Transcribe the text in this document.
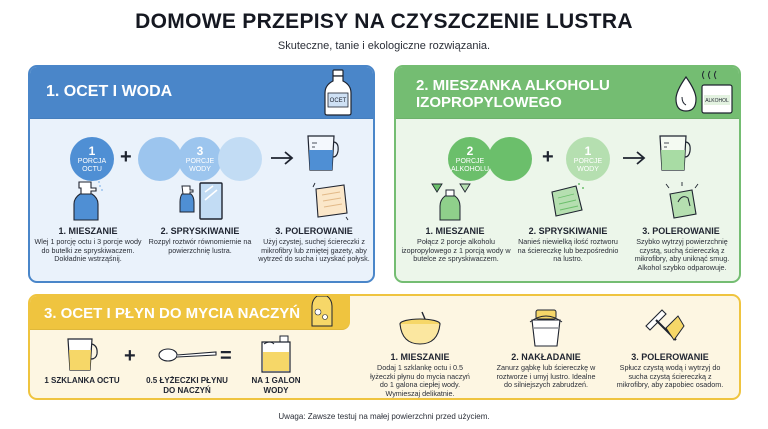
DOMOWE PRZEPISY NA CZYSZCZENIE LUSTRA
Skuteczne, tanie i ekologiczne rozwiązania.
1. OCET I WODA
OCET
1
PORCJA OCTU
+	3
PORCJE WODY
1. MIESZANIE
Wlej 1 porcję octu i 3 porcje wody do butelki ze spryskiwaczem. Dokładnie wstrząśnij.
2. SPRYSKIWANIE
Rozpyl roztwór równomiernie na powierzchnię lustra.
3. POLEROWANIE
Użyj czystej, suchej ściereczki z mikrofibry lub zmiętej gazety, aby wytrzeć do sucha i uzyskać połysk.
2. MIESZANKA ALKOHOLU IZOPROPYLOWEGO	ALKOHOL
2
PORCJE ALKOHOLU
+	1
PORCJE WODY
1. MIESZANIE
Połącz 2 porcje alkoholu izopropylowego z 1 porcją wody w butelce ze spryskiwaczem.
2. SPRYSKIWANIE
Nanieś niewielką ilość roztworu na ściereczkę lub bezpośrednio na lustro.
3. POLEROWANIE
Szybko wytrzyj powierzchnię czystą, suchą ściereczką z mikrofibry, aby uniknąć smug. Alkohol szybko odparowuje.
3. OCET I PŁYN DO MYCIA NACZYŃ
+	=
1 SZKLANKA OCTU	0.5 ŁYŻECZKI PŁYNU DO NACZYŃ
NA 1 GALON WODY
1. MIESZANIE
Dodaj 1 szklankę octu i 0.5 łyżeczki płynu do mycia naczyń do 1 galona ciepłej wody. Wymieszaj delikatnie.
2. NAKŁADANIE
Zanurz gąbkę lub ściereczkę w roztworze i umyj lustro. Idealne do silniejszych zabrudzeń.
3. POLEROWANIE
Spłucz czystą wodą i wytrzyj do sucha czystą ściereczką z mikrofibry, aby zapobiec osadom.
Uwaga: Zawsze testuj na małej powierzchni przed użyciem.
